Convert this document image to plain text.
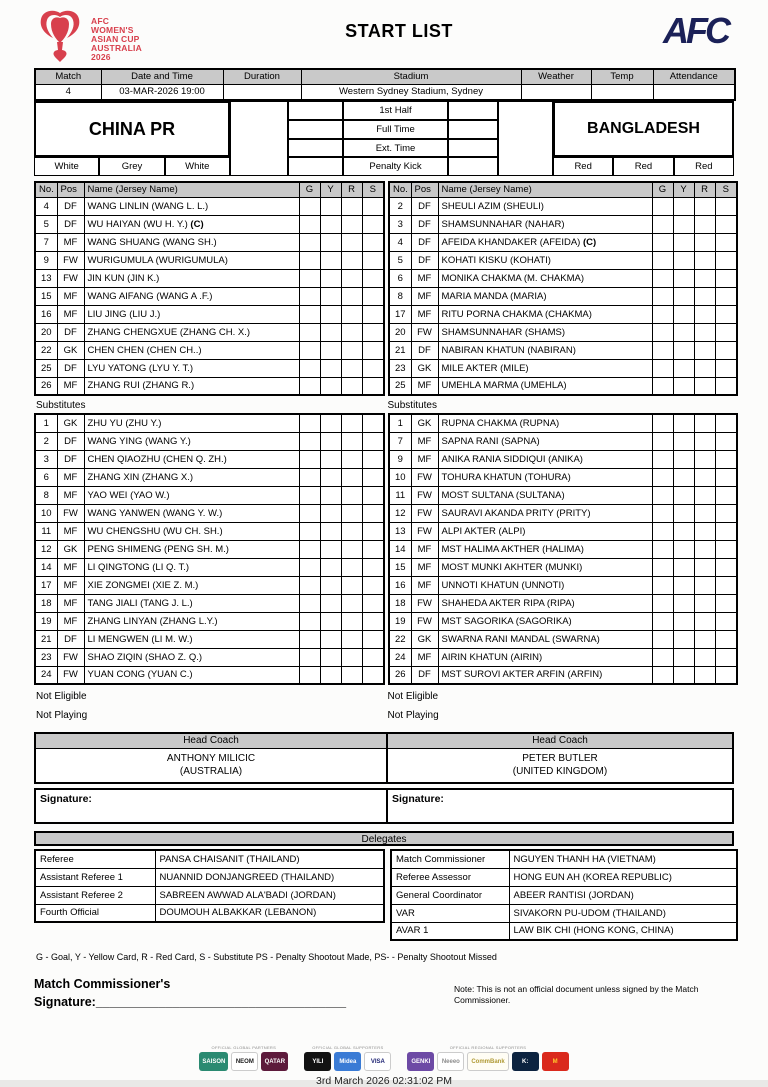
AFC
WOMEN'S
ASIAN CUP
AUSTRALIA
2026
START LIST	AFC
Match	Date and Time	Duration	Stadium	Weather	Temp	Attendance
4	03-MAR-2026 19:00		Western Sydney Stadium, Sydney			
CHINA PR
White	Grey	White
BANGLADESH
Red	Red	Red
1st Half
Full Time
Ext. Time
Penalty Kick
No.	Pos	Name (Jersey Name)	G	Y	R	S
4	DF	WANG LINLIN (WANG L. L.)				
5	DF	WU HAIYAN (WU H. Y.) (C)				
7	MF	WANG SHUANG (WANG SH.)				
9	FW	WURIGUMULA (WURIGUMULA)				
13	FW	JIN KUN (JIN K.)				
15	MF	WANG AIFANG (WANG A .F.)				
16	MF	LIU JING (LIU J.)				
20	DF	ZHANG CHENGXUE (ZHANG CH. X.)				
22	GK	CHEN CHEN (CHEN CH..)				
25	DF	LYU YATONG (LYU Y. T.)				
26	MF	ZHANG RUI (ZHANG R.)				
No.	Pos	Name (Jersey Name)	G	Y	R	S
2	DF	SHEULI AZIM (SHEULI)				
3	DF	SHAMSUNNAHAR (NAHAR)				
4	DF	AFEIDA KHANDAKER (AFEIDA) (C)				
5	DF	KOHATI KISKU (KOHATI)				
6	MF	MONIKA CHAKMA (M. CHAKMA)				
8	MF	MARIA MANDA (MARIA)				
17	MF	RITU PORNA CHAKMA (CHAKMA)				
20	FW	SHAMSUNNAHAR (SHAMS)				
21	DF	NABIRAN KHATUN (NABIRAN)				
23	GK	MILE AKTER (MILE)				
25	MF	UMEHLA MARMA (UMEHLA)				
Substitutes	Substitutes
1	GK	ZHU YU (ZHU Y.)				
2	DF	WANG YING (WANG Y.)				
3	DF	CHEN QIAOZHU (CHEN Q. ZH.)				
6	MF	ZHANG XIN (ZHANG X.)				
8	MF	YAO WEI (YAO W.)				
10	FW	WANG YANWEN (WANG Y. W.)				
11	MF	WU CHENGSHU (WU CH. SH.)				
12	GK	PENG SHIMENG (PENG SH. M.)				
14	MF	LI QINGTONG (LI Q. T.)				
17	MF	XIE ZONGMEI (XIE Z. M.)				
18	MF	TANG JIALI (TANG J. L.)				
19	MF	ZHANG LINYAN (ZHANG L.Y.)				
21	DF	LI MENGWEN (LI M. W.)				
23	FW	SHAO ZIQIN (SHAO Z. Q.)				
24	FW	YUAN CONG (YUAN C.)				
1	GK	RUPNA CHAKMA (RUPNA)				
7	MF	SAPNA RANI (SAPNA)				
9	MF	ANIKA RANIA SIDDIQUI (ANIKA)				
10	FW	TOHURA KHATUN (TOHURA)				
11	FW	MOST SULTANA (SULTANA)				
12	FW	SAURAVI AKANDA PRITY (PRITY)				
13	FW	ALPI AKTER (ALPI)				
14	MF	MST HALIMA AKTHER (HALIMA)				
15	MF	MOST MUNKI AKHTER (MUNKI)				
16	MF	UNNOTI KHATUN (UNNOTI)				
18	FW	SHAHEDA AKTER RIPA (RIPA)				
19	FW	MST SAGORIKA (SAGORIKA)				
22	GK	SWARNA RANI MANDAL (SWARNA)				
24	MF	AIRIN KHATUN (AIRIN)				
26	DF	MST SUROVI AKTER ARFIN (ARFIN)				
Not Eligible	Not Eligible
Not Playing	Not Playing
Head Coach
ANTHONY MILICIC
(AUSTRALIA)
Head Coach
PETER BUTLER
(UNITED KINGDOM)
Signature:	Signature:
Delegates
Referee	PANSA CHAISANIT (THAILAND)
Assistant Referee 1	NUANNID DONJANGREED (THAILAND)
Assistant Referee 2	SABREEN AWWAD ALA'BADI (JORDAN)
Fourth Official	DOUMOUH ALBAKKAR (LEBANON)
Match Commissioner	NGUYEN THANH HA (VIETNAM)
Referee Assessor	HONG EUN AH (KOREA REPUBLIC)
General Coordinator	ABEER RANTISI (JORDAN)
VAR	SIVAKORN PU-UDOM (THAILAND)
AVAR 1	LAW BIK CHI (HONG KONG, CHINA)
G - Goal, Y - Yellow Card, R - Red Card, S - Substitute PS - Penalty Shootout Made, PS- - Penalty Shootout Missed
Match Commissioner's
Signature:____________________________________
Note: This is not an official document unless signed by the Match Commissioner.
OFFICIAL GLOBAL PARTNERS
SAISON	NEOM	QATAR
OFFICIAL GLOBAL SUPPORTERS
YILI	Midea	VISA
OFFICIAL REGIONAL SUPPORTERS
GENKI	Neeeo	CommBank	K:	M
3rd March 2026 02:31:02 PM
